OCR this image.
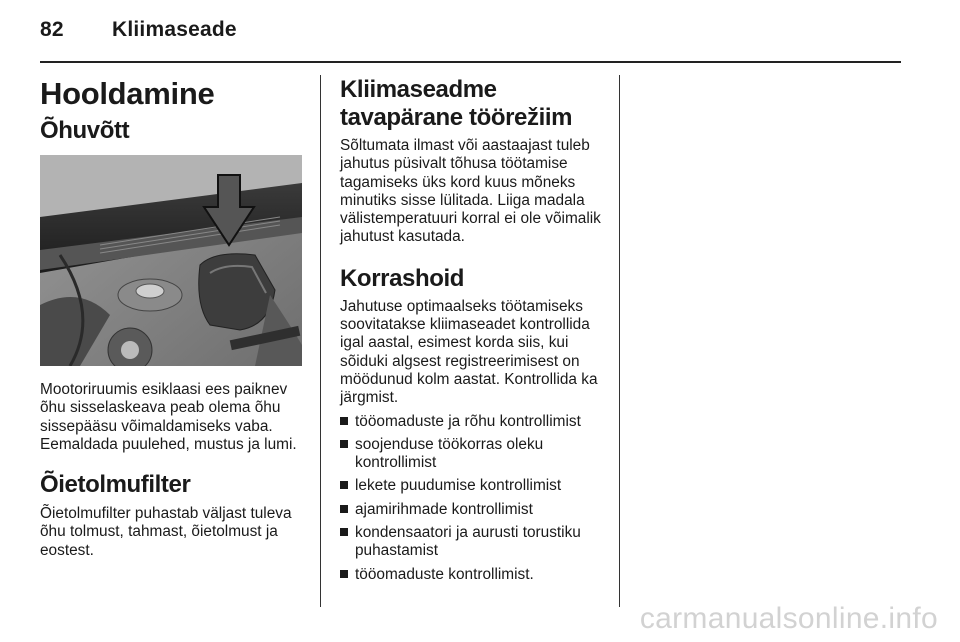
82 Kliimaseade
Hooldamine
Õhuvõtt

Mootoriruumis esiklaasi ees paiknev õhu sisselaskeava peab olema õhu sissepääsu võimaldamiseks vaba. Eemaldada puulehed, mustus ja lumi.

Õietolmufilter

Õietolmufilter puhastab väljast tuleva õhu tolmust, tahmast, õietolmust ja eostest.

Kliimaseadme tavapärane töörežiim

Sõltumata ilmast või aastaajast tuleb jahutus püsivalt tõhusa töötamise tagamiseks üks kord kuus mõneks minutiks sisse lülitada. Liiga madala välistemperatuuri korral ei ole võimalik jahutust kasutada.

Korrashoid

Jahutuse optimaalseks töötamiseks soovitatakse kliimaseadet kontrollida igal aastal, esimest korda siis, kui sõiduki algsest registreerimisest on möödunud kolm aastat. Kontrollida ka järgmist.

tööomaduste ja rõhu kontrollimist
soojenduse töökorras oleku kontrollimist
lekete puudumise kontrollimist
ajamirihmade kontrollimist
kondensaatori ja aurusti torustiku puhastamist
tööomaduste kontrollimist.
carmanualsonline.info
